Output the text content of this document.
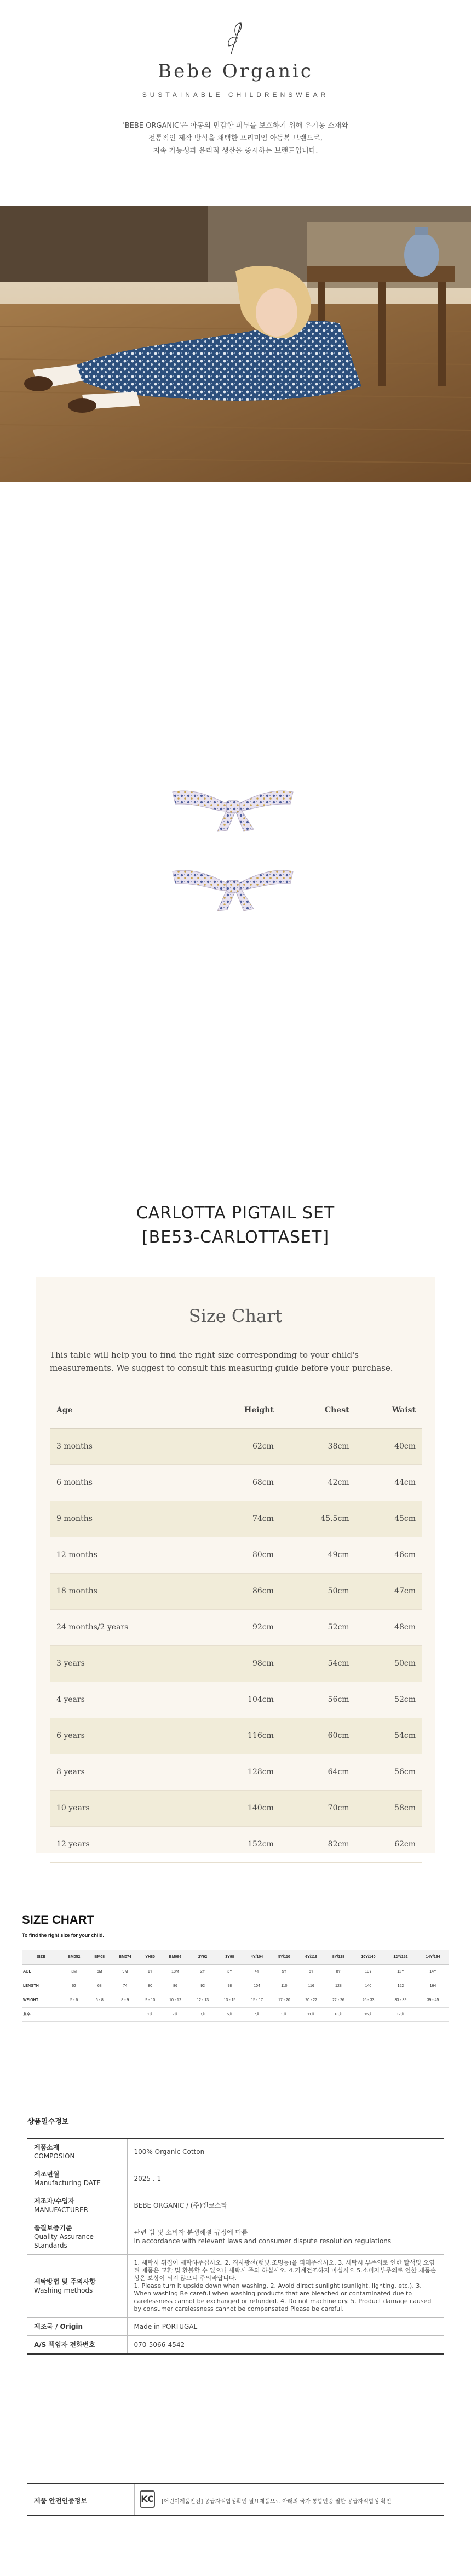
Bebe Organic
SUSTAINABLE CHILDRENSWEAR

'BEBE ORGANIC'은 아동의 민감한 피부를 보호하기 위해 유기농 소재와

전통적인 제작 방식을 채택한 프리미엄 아동복 브랜드로,

지속 가능성과 윤리적 생산을 중시하는 브랜드입니다.

CARLOTTA PIGTAIL SET
[BE53-CARLOTTASET]
Size Chart
This table will help you to find the right size corresponding to your child's measurements. We suggest to consult this measuring guide before your purchase.
Age	Height	Chest	Waist
3 months	62cm	38cm	40cm
6 months	68cm	42cm	44cm
9 months	74cm	45.5cm	45cm
12 months	80cm	49cm	46cm
18 months	86cm	50cm	47cm
24 months/2 years	92cm	52cm	48cm
3 years	98cm	54cm	50cm
4 years	104cm	56cm	52cm
6 years	116cm	60cm	54cm
8 years	128cm	64cm	56cm
10 years	140cm	70cm	58cm
12 years	152cm	82cm	62cm
SIZE CHART
To find the right size for your child.
SIZE	BM052	BM08	BM074	YH80	BM086	2Y92	3Y98	4Y/104	5Y/110	6Y/116	8Y/128	10Y/140	12Y/152	14Y/164
AGE	3M	6M	9M	1Y	18M	2Y	3Y	4Y	5Y	6Y	8Y	10Y	12Y	14Y
LENGTH	62	68	74	80	86	92	98	104	110	116	128	140	152	164
WEIGHT	5 - 6	6 - 8	8 - 9	9 - 10	10 - 12	12 - 13	13 - 15	15 - 17	17 - 20	20 - 22	22 - 26	26 - 33	33 - 39	39 - 45
호수				1호	2호	3호	5호	7호	9호	11호	13호	15호	17호	
상품필수정보
제품소재
COMPOSION	100% Organic Cotton
제조년월
Manufacturing DATE	2025 . 1
제조자/수입자
MANUFACTURER	BEBE ORGANIC / (주)엔코스타
품질보증기준
Quality Assurance Standards	관련 법 및 소비자 분쟁해결 규정에 따름
In accordance with relevant laws and consumer dispute resolution regulations
세탁방법 및 주의사항
Washing methods	1. 세탁시 뒤집어 세탁하주십시오. 2. 직사광선(햇빛,조명등)을 피해주십시오. 3. 세탁시 부주의로 인한 탈색및 오염된 제품은 교환 및 환불할 수 없으니 세탁시 주의 하십시오. 4.기계건조하지 마십시오 5.소비자부주의로 인한 제품손상은 보상이 되지 않으니 주의바랍니다.
1. Please turn it upside down when washing. 2. Avoid direct sunlight (sunlight, lighting, etc.). 3. When washing Be careful when washing products that are bleached or contaminated due to carelessness cannot be exchanged or refunded. 4. Do not machine dry. 5. Product damage caused by consumer carelessness cannot be compensated Please be careful.
제조국 / Origin	Made in PORTUGAL
A/S 책임자 전화번호	070-5066-4542
제품 안전인증정보	KC [어린이제품안전] 공급자적합성확인 필요제품으로 아래의 국가 통합인증 필한 공급자적합성 확인
